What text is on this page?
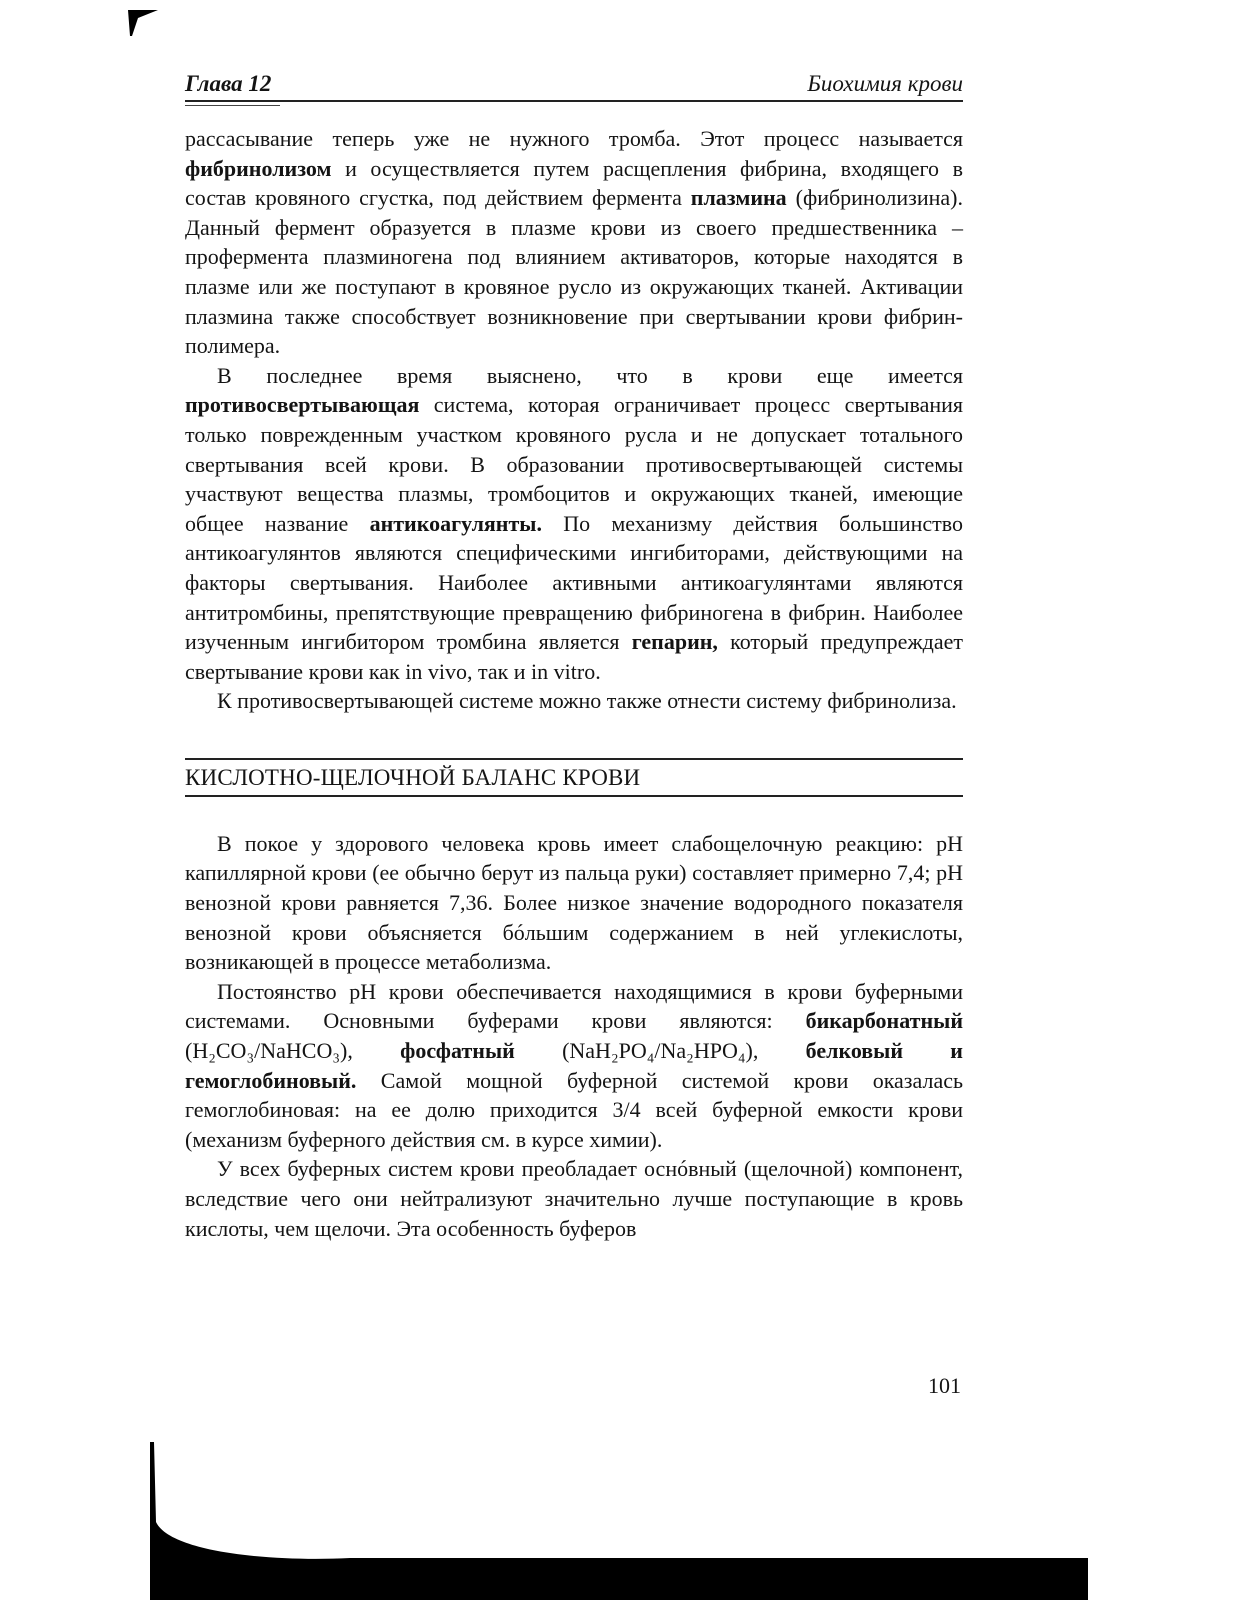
Глава 12	Биохимия крови

рассасывание теперь уже не нужного тромба. Этот процесс называется фибринолизом и осуществляется путем расщепления фибрина, входящего в состав кровяного сгустка, под действием фермента плазмина (фибринолизина). Данный фермент образуется в плазме крови из своего предшественника – профермента плазминогена под влиянием активаторов, которые находятся в плазме или же поступают в кровяное русло из окружающих тканей. Активации плазмина также способствует возникновение при свертывании крови фибрин-полимера.

В последнее время выяснено, что в крови еще имеется противосвертывающая система, которая ограничивает процесс свертывания только поврежденным участком кровяного русла и не допускает тотального свертывания всей крови. В образовании противосвертывающей системы участвуют вещества плазмы, тромбоцитов и окружающих тканей, имеющие общее название антикоагулянты. По механизму действия большинство антикоагулянтов являются специфическими ингибиторами, действующими на факторы свертывания. Наиболее активными антикоагулянтами являются антитромбины, препятствующие превращению фибриногена в фибрин. Наиболее изученным ингибитором тромбина является гепарин, который предупреждает свертывание крови как in vivo, так и in vitro.

К противосвертывающей системе можно также отнести систему фибринолиза.

КИСЛОТНО-ЩЕЛОЧНОЙ БАЛАНС КРОВИ

В покое у здорового человека кровь имеет слабощелочную реакцию: pH капиллярной крови (ее обычно берут из пальца руки) составляет примерно 7,4; pH венозной крови равняется 7,36. Более низкое значение водородного показателя венозной крови объясняется бóльшим содержанием в ней углекислоты, возникающей в процессе метаболизма.

Постоянство pH крови обеспечивается находящимися в крови буферными системами. Основными буферами крови являются: бикарбонатный (H₂CO₃/NaHCO₃), фосфатный (NaH₂PO₄/Na₂HPO₄), белковый и гемоглобиновый. Самой мощной буферной системой крови оказалась гемоглобиновая: на ее долю приходится 3/4 всей буферной емкости крови (механизм буферного действия см. в курсе химии).

У всех буферных систем крови преобладает оснóвный (щелочной) компонент, вследствие чего они нейтрализуют значительно лучше поступающие в кровь кислоты, чем щелочи. Эта особенность буферов

101
